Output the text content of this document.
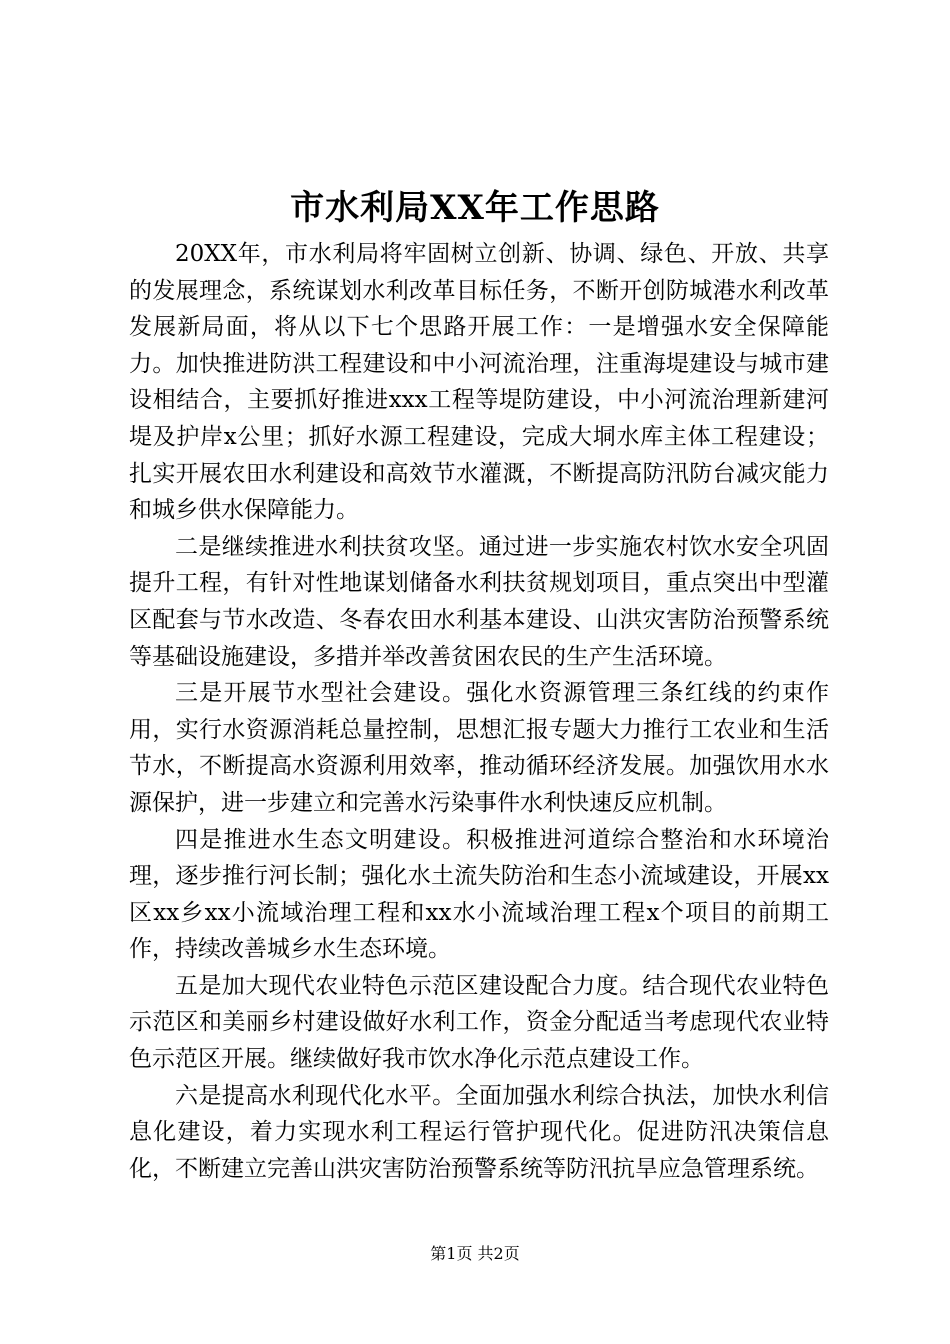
市水利局XX年工作思路

20XX年，市水利局将牢固树立创新、协调、绿色、开放、共享的发展理念，系统谋划水利改革目标任务，不断开创防城港水利改革发展新局面，将从以下七个思路开展工作：一是增强水安全保障能力。加快推进防洪工程建设和中小河流治理，注重海堤建设与城市建设相结合，主要抓好推进xxx工程等堤防建设，中小河流治理新建河堤及护岸x公里；抓好水源工程建设，完成大垌水库主体工程建设；扎实开展农田水利建设和高效节水灌溉，不断提高防汛防台减灾能力和城乡供水保障能力。

二是继续推进水利扶贫攻坚。通过进一步实施农村饮水安全巩固提升工程，有针对性地谋划储备水利扶贫规划项目，重点突出中型灌区配套与节水改造、冬春农田水利基本建设、山洪灾害防治预警系统等基础设施建设，多措并举改善贫困农民的生产生活环境。

三是开展节水型社会建设。强化水资源管理三条红线的约束作用，实行水资源消耗总量控制，思想汇报专题大力推行工农业和生活节水，不断提高水资源利用效率，推动循环经济发展。加强饮用水水源保护，进一步建立和完善水污染事件水利快速反应机制。

四是推进水生态文明建设。积极推进河道综合整治和水环境治理，逐步推行河长制；强化水土流失防治和生态小流域建设，开展xx区xx乡xx小流域治理工程和xx水小流域治理工程x个项目的前期工作，持续改善城乡水生态环境。

五是加大现代农业特色示范区建设配合力度。结合现代农业特色示范区和美丽乡村建设做好水利工作，资金分配适当考虑现代农业特色示范区开展。继续做好我市饮水净化示范点建设工作。

六是提高水利现代化水平。全面加强水利综合执法，加快水利信息化建设，着力实现水利工程运行管护现代化。促进防汛决策信息化，不断建立完善山洪灾害防治预警系统等防汛抗旱应急管理系统。

第1页 共2页
